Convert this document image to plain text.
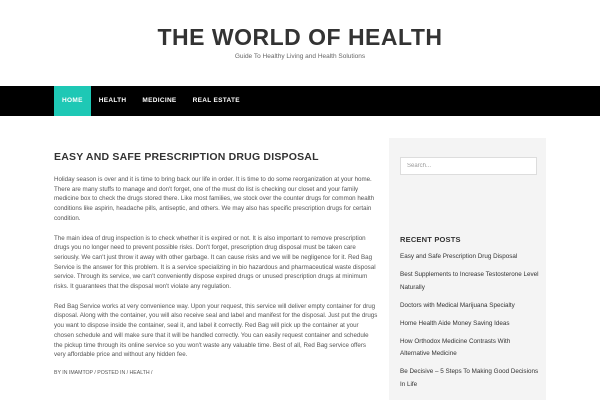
THE WORLD OF HEALTH
Guide To Healthy Living and Health Solutions
HOME	HEALTH	MEDICINE	REAL ESTATE
EASY AND SAFE PRESCRIPTION DRUG DISPOSAL

Holiday season is over and it is time to bring back our life in order. It is time to do some reorganization at your home. There are many stuffs to manage and don't forget, one of the must do list is checking our closet and your family medicine box to check the drugs stored there. Like most families, we stock over the counter drugs for common health conditions like aspirin, headache pills, antiseptic, and others. We may also has specific prescription drugs for certain condition.

The main idea of drug inspection is to check whether it is expired or not. It is also important to remove prescription drugs you no longer need to prevent possible risks. Don't forget, prescription drug disposal must be taken care seriously. We can't just throw it away with other garbage. It can cause risks and we will be negligence for it. Red Bag Service is the answer for this problem. It is a service specializing in bio hazardous and pharmaceutical waste disposal service. Through its service, we can't conveniently dispose expired drugs or unused prescription drugs at minimum risks. It guarantees that the disposal won't violate any regulation.

Red Bag Service works at very convenience way. Upon your request, this service will deliver empty container for drug disposal. Along with the container, you will also receive seal and label and manifest for the disposal. Just put the drugs you want to dispose inside the container, seal it, and label it correctly. Red Bag will pick up the container at your chosen schedule and will make sure that it will be handled correctly. You can easily request container and schedule the pickup time through its online service so you won't waste any valuable time. Best of all, Red Bag service offers very affordable price and without any hidden fee.

BY IN IMAMTOP / POSTED IN / HEALTH /
Search...
RECENT POSTS
Easy and Safe Prescription Drug Disposal
Best Supplements to Increase Testosterone Level Naturally
Doctors with Medical Marijuana Specialty
Home Health Aide Money Saving Ideas
How Orthodox Medicine Contrasts With Alternative Medicine
Be Decisive – 5 Steps To Making Good Decisions In Life
